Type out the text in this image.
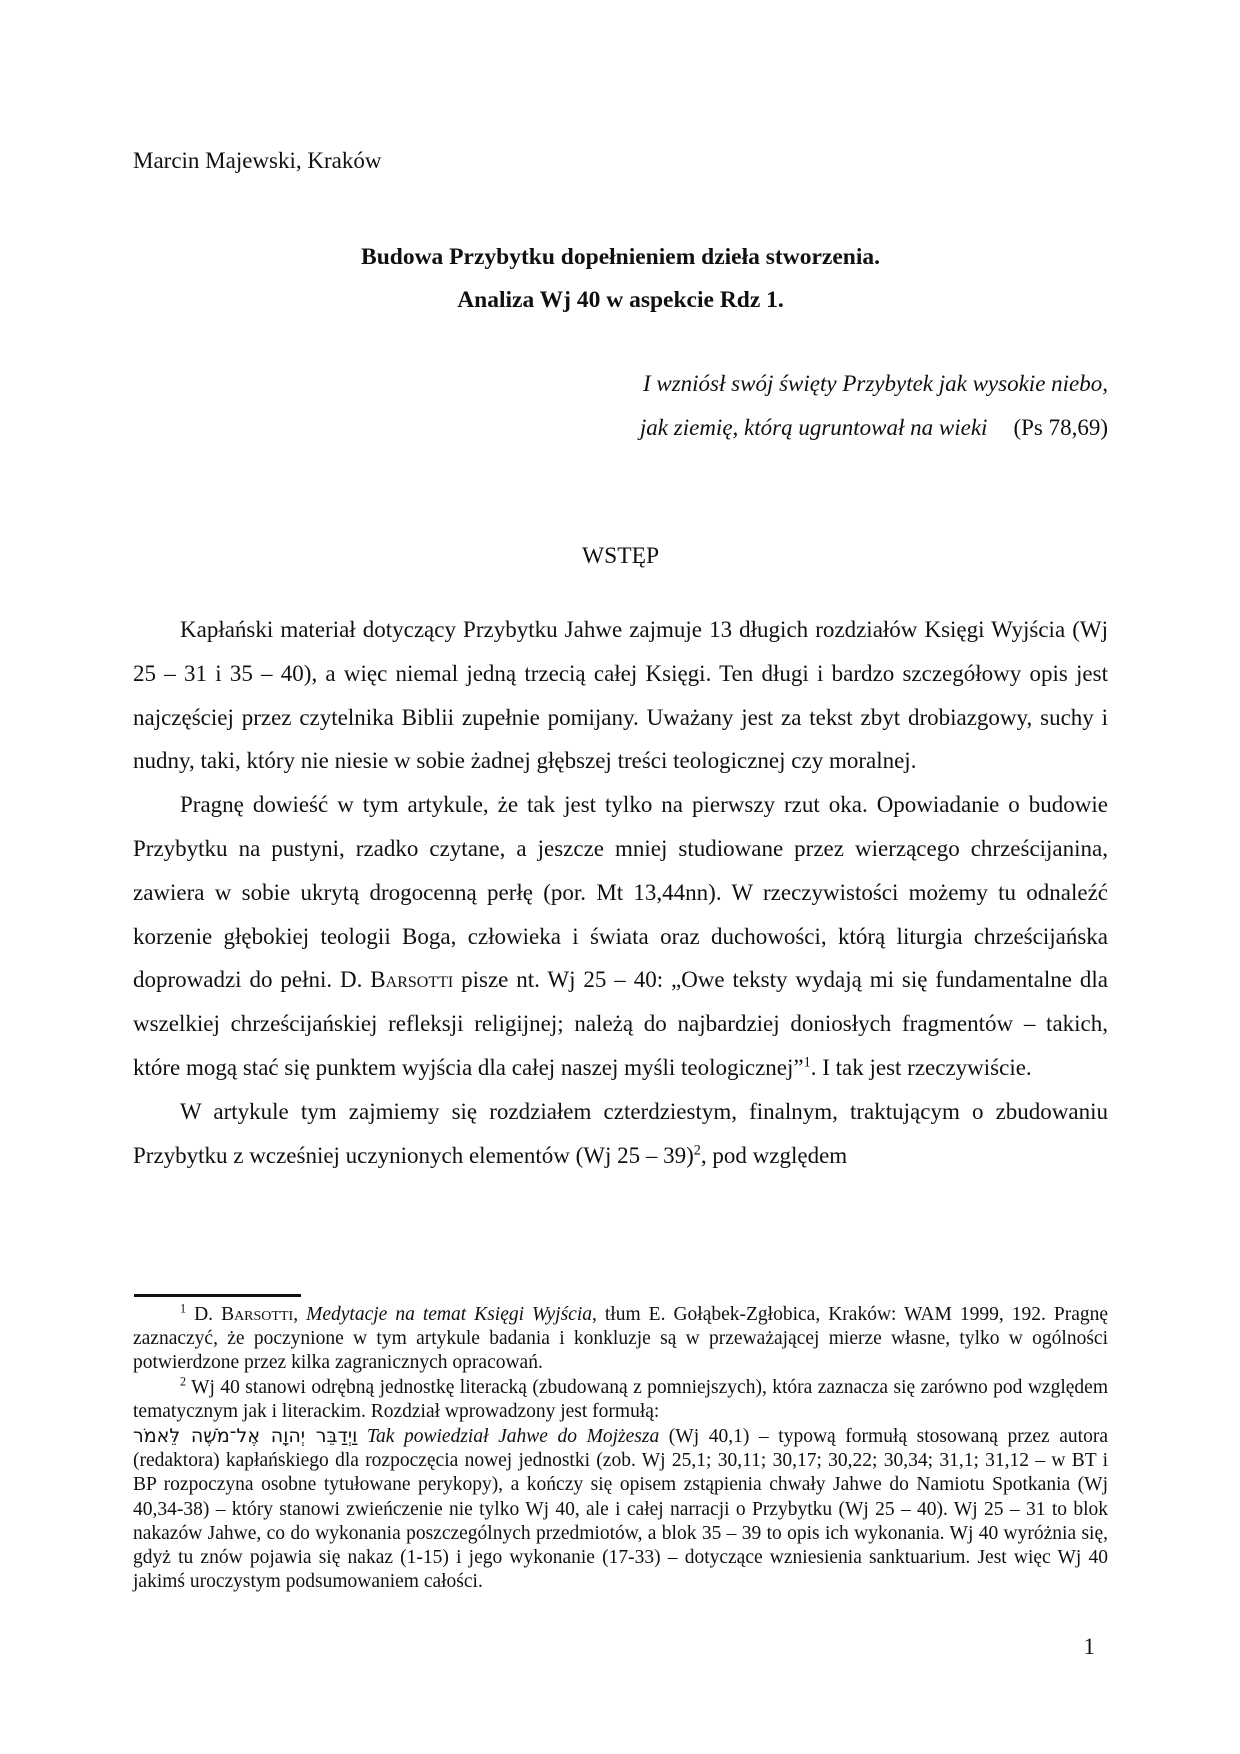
Marcin Majewski, Kraków
Budowa Przybytku dopełnieniem dzieła stworzenia.
Analiza Wj 40 w aspekcie Rdz 1.
I wzniósł swój święty Przybytek jak wysokie niebo,
jak ziemię, którą ugruntował na wieki (Ps 78,69)
WSTĘP

Kapłański materiał dotyczący Przybytku Jahwe zajmuje 13 długich rozdziałów Księgi Wyjścia (Wj 25 – 31 i 35 – 40), a więc niemal jedną trzecią całej Księgi. Ten długi i bardzo szczegółowy opis jest najczęściej przez czytelnika Biblii zupełnie pomijany. Uważany jest za tekst zbyt drobiazgowy, suchy i nudny, taki, który nie niesie w sobie żadnej głębszej treści teologicznej czy moralnej.

Pragnę dowieść w tym artykule, że tak jest tylko na pierwszy rzut oka. Opowiadanie o budowie Przybytku na pustyni, rzadko czytane, a jeszcze mniej studiowane przez wierzącego chrześcijanina, zawiera w sobie ukrytą drogocenną perłę (por. Mt 13,44nn). W rzeczywistości możemy tu odnaleźć korzenie głębokiej teologii Boga, człowieka i świata oraz duchowości, którą liturgia chrześcijańska doprowadzi do pełni. D. Barsotti pisze nt. Wj 25 – 40: „Owe teksty wydają mi się fundamentalne dla wszelkiej chrześcijańskiej refleksji religijnej; należą do najbardziej doniosłych fragmentów – takich, które mogą stać się punktem wyjścia dla całej naszej myśli teologicznej”$^1$. I tak jest rzeczywiście.

W artykule tym zajmiemy się rozdziałem czterdziestym, finalnym, traktującym o zbudowaniu Przybytku z wcześniej uczynionych elementów (Wj 25 – 39)$^2$, pod względem

$^1$ D. Barsotti, Medytacje na temat Księgi Wyjścia, tłum E. Gołąbek-Zgłobica, Kraków: WAM 1999, 192. Pragnę zaznaczyć, że poczynione w tym artykule badania i konkluzje są w przeważającej mierze własne, tylko w ogólności potwierdzone przez kilka zagranicznych opracowań.

$^2$ Wj 40 stanowi odrębną jednostkę literacką (zbudowaną z pomniejszych), która zaznacza się zarówno pod względem tematycznym jak i literackim. Rozdział wprowadzony jest formułą:

וַיְדַבֵּר יְהוָה אֶל־מֹשֶׁה לֵּאמֹר Tak powiedział Jahwe do Mojżesza (Wj 40,1) – typową formułą stosowaną przez autora (redaktora) kapłańskiego dla rozpoczęcia nowej jednostki (zob. Wj 25,1; 30,11; 30,17; 30,22; 30,34; 31,1; 31,12 – w BT i BP rozpoczyna osobne tytułowane perykopy), a kończy się opisem zstąpienia chwały Jahwe do Namiotu Spotkania (Wj 40,34-38) – który stanowi zwieńczenie nie tylko Wj 40, ale i całej narracji o Przybytku (Wj 25 – 40). Wj 25 – 31 to blok nakazów Jahwe, co do wykonania poszczególnych przedmiotów, a blok 35 – 39 to opis ich wykonania. Wj 40 wyróżnia się, gdyż tu znów pojawia się nakaz (1-15) i jego wykonanie (17-33) – dotyczące wzniesienia sanktuarium. Jest więc Wj 40 jakimś uroczystym podsumowaniem całości.

1
